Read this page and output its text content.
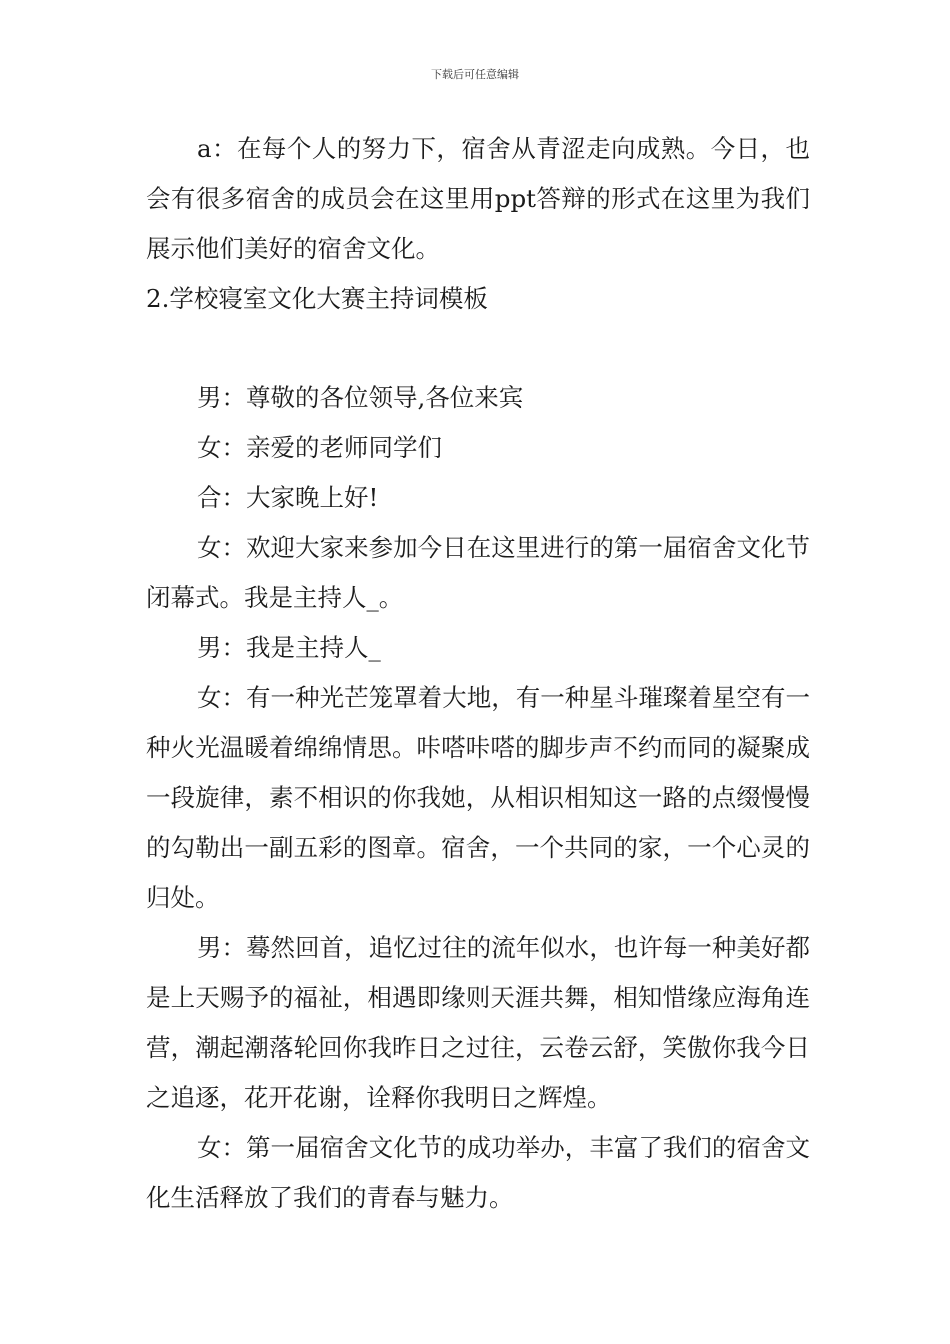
下载后可任意编辑

a：在每个人的努力下，宿舍从青涩走向成熟。今日，也会有很多宿舍的成员会在这里用ppt答辩的形式在这里为我们展示他们美好的宿舍文化。

2.学校寝室文化大赛主持词模板

男：尊敬的各位领导,各位来宾

女：亲爱的老师同学们

合：大家晚上好!

女：欢迎大家来参加今日在这里进行的第一届宿舍文化节闭幕式。我是主持人_。

男：我是主持人_

女：有一种光芒笼罩着大地，有一种星斗璀璨着星空有一种火光温暖着绵绵情思。咔嗒咔嗒的脚步声不约而同的凝聚成一段旋律，素不相识的你我她，从相识相知这一路的点缀慢慢的勾勒出一副五彩的图章。宿舍，一个共同的家，一个心灵的归处。

男：蓦然回首，追忆过往的流年似水，也许每一种美好都是上天赐予的福祉，相遇即缘则天涯共舞，相知惜缘应海角连营，潮起潮落轮回你我昨日之过往，云卷云舒，笑傲你我今日之追逐，花开花谢，诠释你我明日之辉煌。

女：第一届宿舍文化节的成功举办，丰富了我们的宿舍文化生活释放了我们的青春与魅力。
